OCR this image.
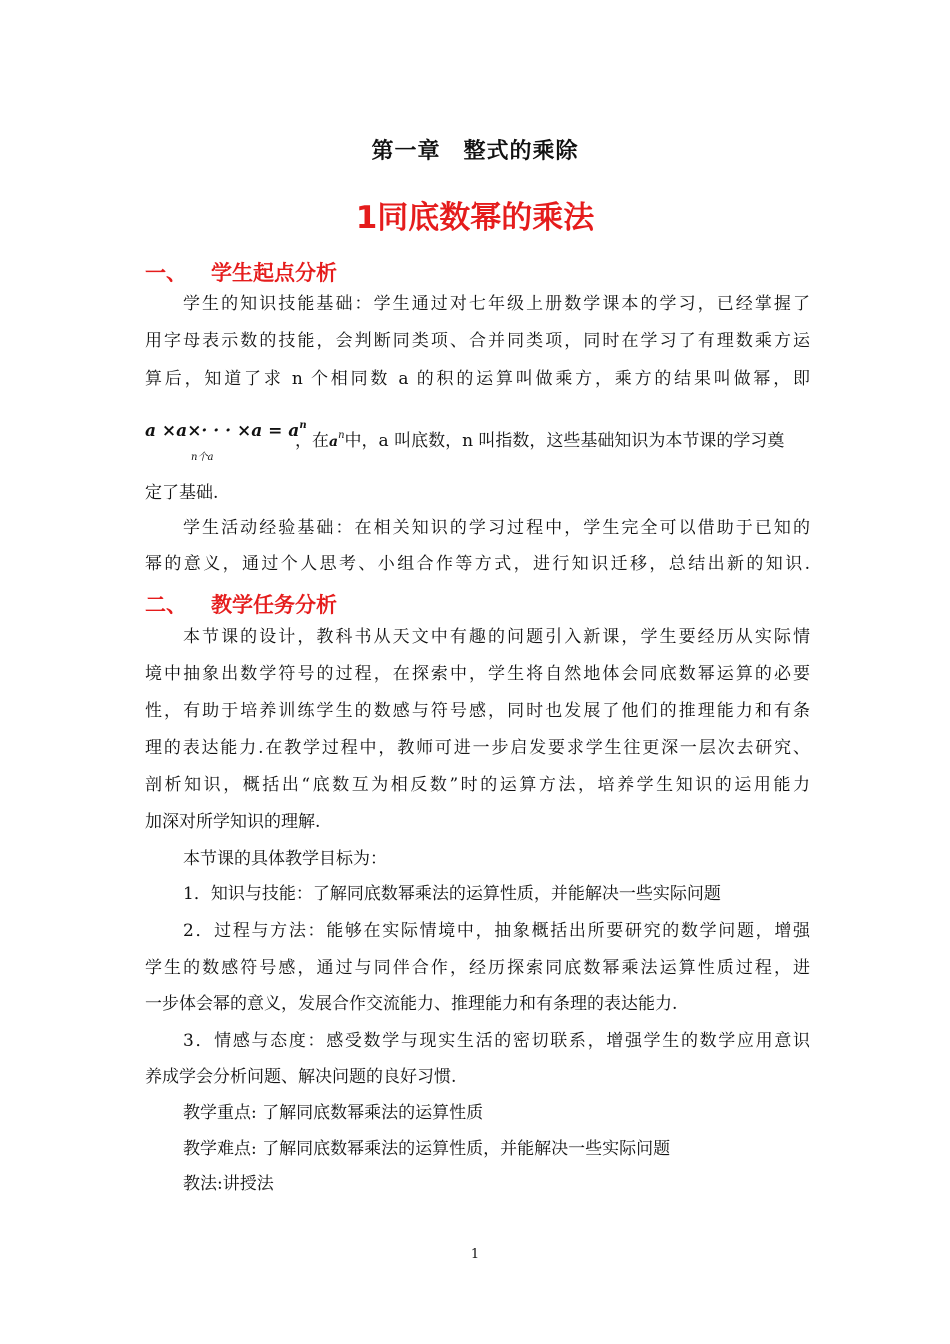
第一章　整式的乘除
1同底数幂的乘法
一、 学生起点分析
学生的知识技能基础：学生通过对七年级上册数学课本的学习，已经掌握了
用字母表示数的技能，会判断同类项、合并同类项，同时在学习了有理数乘方运
算后，知道了求 n 个相同数 a 的积的运算叫做乘方，乘方的结果叫做幂，即
a ×a×· · · $\times a = a^n$
n个a
，在$a^n$中，a 叫底数，n 叫指数，这些基础知识为本节课的学习奠
定了基础.
学生活动经验基础：在相关知识的学习过程中，学生完全可以借助于已知的
幂的意义，通过个人思考、小组合作等方式，进行知识迁移，总结出新的知识.
二、 教学任务分析
本节课的设计，教科书从天文中有趣的问题引入新课，学生要经历从实际情
境中抽象出数学符号的过程，在探索中，学生将自然地体会同底数幂运算的必要
性，有助于培养训练学生的数感与符号感，同时也发展了他们的推理能力和有条
理的表达能力.在教学过程中，教师可进一步启发要求学生往更深一层次去研究、
剖析知识，概括出“底数互为相反数”时的运算方法，培养学生知识的运用能力
加深对所学知识的理解.
本节课的具体教学目标为：
1．知识与技能：了解同底数幂乘法的运算性质，并能解决一些实际问题
2．过程与方法：能够在实际情境中，抽象概括出所要研究的数学问题，增强
学生的数感符号感，通过与同伴合作，经历探索同底数幂乘法运算性质过程，进
一步体会幂的意义，发展合作交流能力、推理能力和有条理的表达能力.
3．情感与态度：感受数学与现实生活的密切联系，增强学生的数学应用意识
养成学会分析问题、解决问题的良好习惯.
教学重点: 了解同底数幂乘法的运算性质
教学难点: 了解同底数幂乘法的运算性质，并能解决一些实际问题
教法:讲授法
1
